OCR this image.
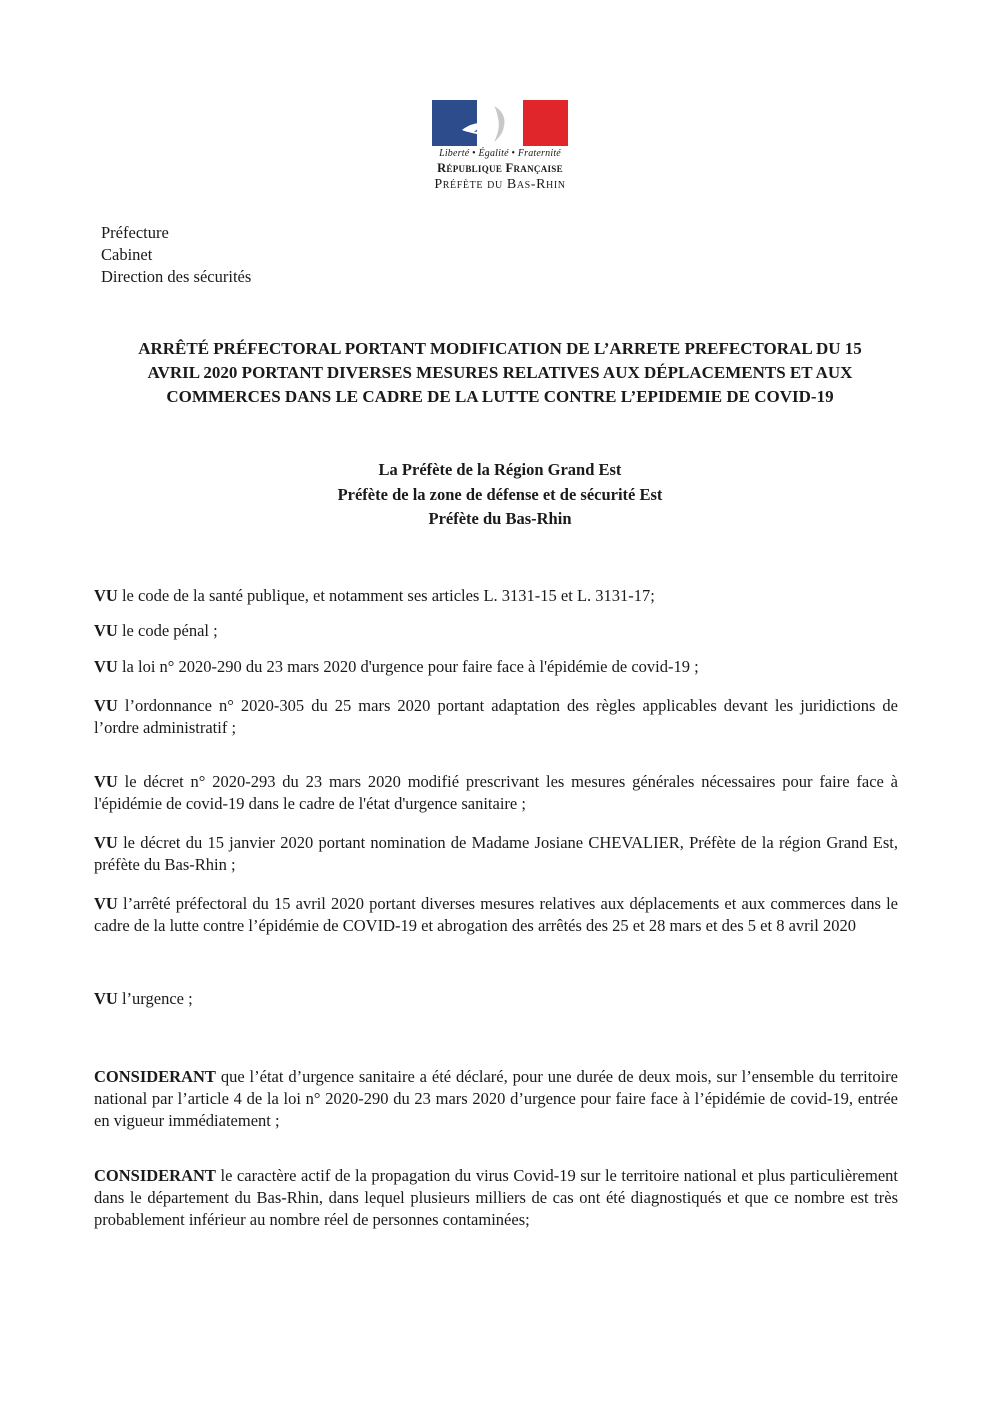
Liberté • Égalité • Fraternité
République Française
Préfète du Bas-Rhin
Préfecture
Cabinet
Direction des sécurités
ARRÊTÉ PRÉFECTORAL PORTANT MODIFICATION DE L’ARRETE PREFECTORAL DU 15
AVRIL 2020 PORTANT DIVERSES MESURES RELATIVES AUX DÉPLACEMENTS ET AUX
COMMERCES DANS LE CADRE DE LA LUTTE CONTRE L’EPIDEMIE DE COVID-19
La Préfète de la Région Grand Est
Préfète de la zone de défense et de sécurité Est
Préfète du Bas-Rhin
VU le code de la santé publique, et notamment ses articles L. 3131-15 et L. 3131-17;
VU le code pénal ;
VU la loi n° 2020-290 du 23 mars 2020 d'urgence pour faire face à l'épidémie de covid-19 ;
VU l’ordonnance n° 2020-305 du 25 mars 2020 portant adaptation des règles applicables devant les juridictions de l’ordre administratif ;
VU le décret n° 2020-293 du 23 mars 2020 modifié prescrivant les mesures générales nécessaires pour faire face à l'épidémie de covid-19 dans le cadre de l'état d'urgence sanitaire ;
VU le décret du 15 janvier 2020 portant nomination de Madame Josiane CHEVALIER, Préfète de la région Grand Est, préfète du Bas-Rhin ;
VU l’arrêté préfectoral du 15 avril 2020 portant diverses mesures relatives aux déplacements et aux commerces dans le cadre de la lutte contre l’épidémie de COVID-19 et abrogation des arrêtés des 25 et 28 mars et des 5 et 8 avril 2020
VU l’urgence ;
CONSIDERANT que l’état d’urgence sanitaire a été déclaré, pour une durée de deux mois, sur l’ensemble du territoire national par l’article 4 de la loi n° 2020-290 du 23 mars 2020 d’urgence pour faire face à l’épidémie de covid-19, entrée en vigueur immédiatement ;
CONSIDERANT le caractère actif de la propagation du virus Covid-19 sur le territoire national et plus particulièrement dans le département du Bas-Rhin, dans lequel plusieurs milliers de cas ont été diagnostiqués et que ce nombre est très probablement inférieur au nombre réel de personnes contaminées;
